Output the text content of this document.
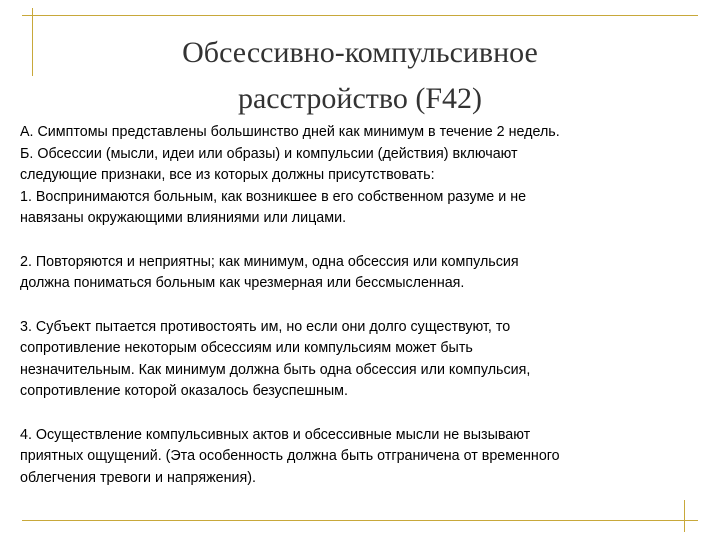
Обсессивно-компульсивное
расстройство (F42)
А. Симптомы представлены большинство дней как минимум в течение 2 недель.
Б. Обсессии (мысли, идеи или образы) и компульсии (действия) включают
следующие признаки, все из которых должны присутствовать:
1. Воспринимаются больным, как возникшее в его собственном разуме и не
навязаны окружающими влияниями или лицами.
2. Повторяются и неприятны; как минимум, одна обсессия или компульсия
должна пониматься больным как чрезмерная или бессмысленная.
3. Субъект пытается противостоять им, но если они долго существуют, то
сопротивление некоторым обсессиям или компульсиям может быть
незначительным. Как минимум должна быть одна обсессия или компульсия,
сопротивление которой оказалось безуспешным.
4. Осуществление компульсивных актов и обсессивные мысли не вызывают
приятных ощущений. (Эта особенность должна быть отграничена от временного
облегчения тревоги и напряжения).
